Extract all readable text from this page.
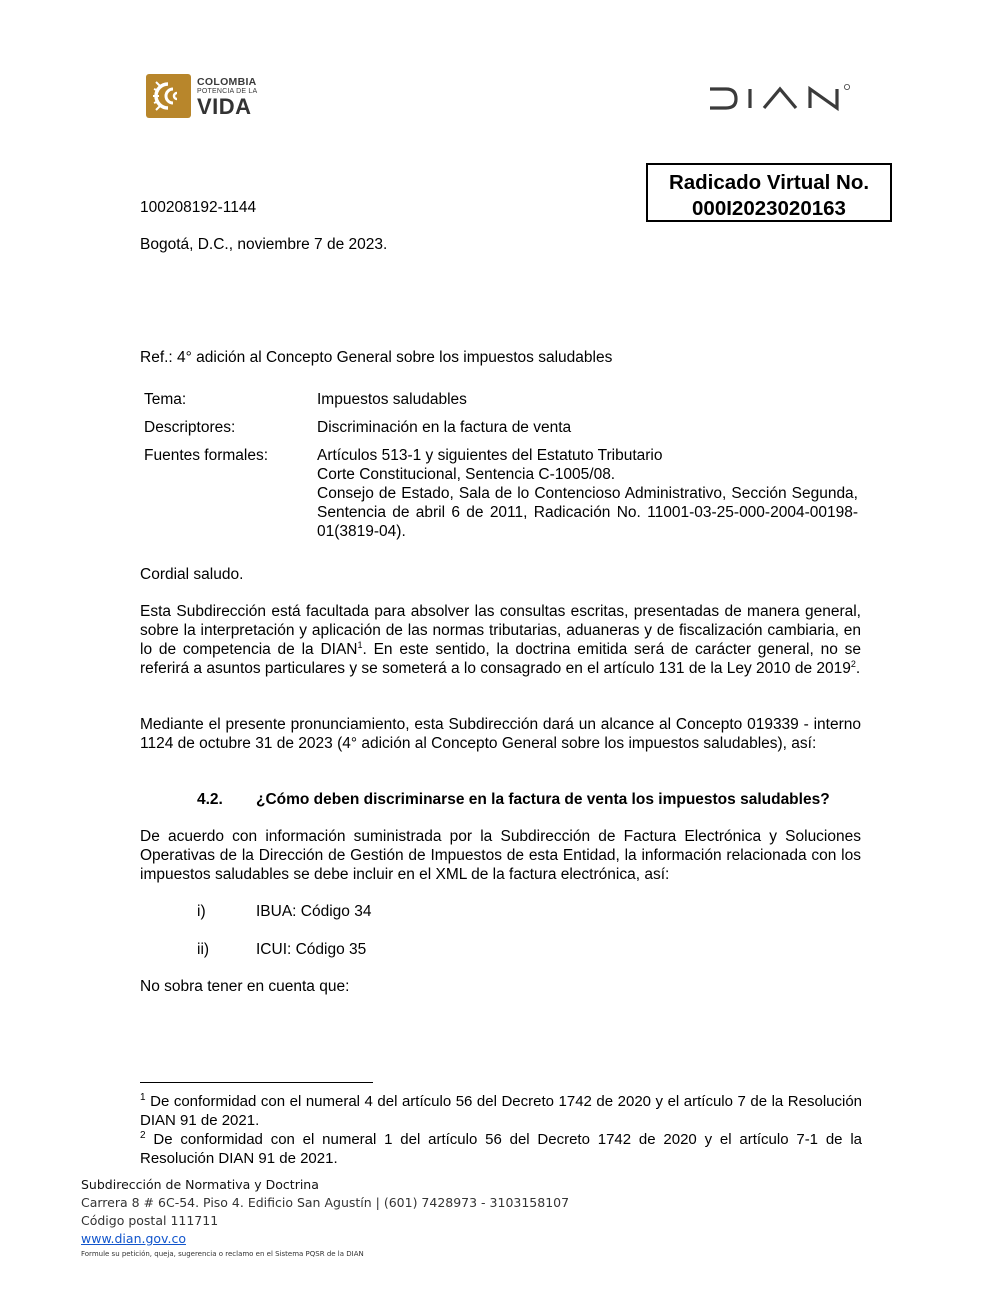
COLOMBIA
POTENCIA DE LA
VIDA
Radicado Virtual No.
000I2023020163
100208192-1144
Bogotá, D.C., noviembre 7 de 2023.
Ref.: 4° adición al Concepto General sobre los impuestos saludables
Tema:	Impuestos saludables
Descriptores:	Discriminación en la factura de venta
Fuentes formales:	Artículos 513-1 y siguientes del Estatuto Tributario
Corte Constitucional, Sentencia C-1005/08.
Consejo de Estado, Sala de lo Contencioso Administrativo, Sección Segunda, Sentencia de abril 6 de 2011, Radicación No. 11001-03-25-000-2004-00198-01(3819-04).
Cordial saludo.
Esta Subdirección está facultada para absolver las consultas escritas, presentadas de manera general, sobre la interpretación y aplicación de las normas tributarias, aduaneras y de fiscalización cambiaria, en lo de competencia de la DIAN$^1$. En este sentido, la doctrina emitida será de carácter general, no se referirá a asuntos particulares y se someterá a lo consagrado en el artículo 131 de la Ley 2010 de 2019$^2$.
Mediante el presente pronunciamiento, esta Subdirección dará un alcance al Concepto 019339 - interno 1124 de octubre 31 de 2023 (4° adición al Concepto General sobre los impuestos saludables), así:
4.2. ¿Cómo deben discriminarse en la factura de venta los impuestos saludables?
De acuerdo con información suministrada por la Subdirección de Factura Electrónica y Soluciones Operativas de la Dirección de Gestión de Impuestos de esta Entidad, la información relacionada con los impuestos saludables se debe incluir en el XML de la factura electrónica, así:
i)	IBUA: Código 34
ii)	ICUI: Código 35
No sobra tener en cuenta que:
$^1$ De conformidad con el numeral 4 del artículo 56 del Decreto 1742 de 2020 y el artículo 7 de la Resolución DIAN 91 de 2021.
$^2$ De conformidad con el numeral 1 del artículo 56 del Decreto 1742 de 2020 y el artículo 7-1 de la Resolución DIAN 91 de 2021.
Subdirección de Normativa y Doctrina
Carrera 8 # 6C-54. Piso 4. Edificio San Agustín | (601) 7428973 - 3103158107
Código postal 111711
www.dian.gov.co
Formule su petición, queja, sugerencia o reclamo en el Sistema PQSR de la DIAN
